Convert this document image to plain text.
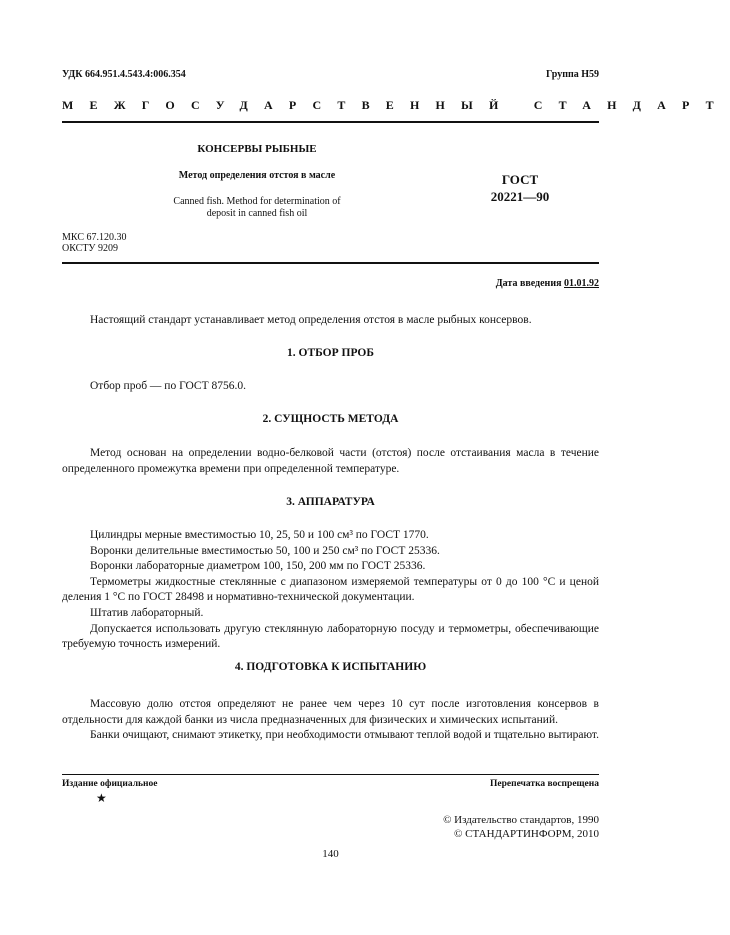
УДК 664.951.4.543.4:006.354	Группа Н59
МЕЖГОСУДАРСТВЕННЫЙ СТАНДАРТ
КОНСЕРВЫ РЫБНЫЕ
Метод определения отстоя в масле
Canned fish. Method for determination of
deposit in canned fish oil
ГОСТ
20221—90
МКС 67.120.30
ОКСТУ 9209
Дата введения 01.01.92
Настоящий стандарт устанавливает метод определения отстоя в масле рыбных консервов.
1. ОТБОР ПРОБ
Отбор проб — по ГОСТ 8756.0.
2. СУЩНОСТЬ МЕТОДА
Метод основан на определении водно-белковой части (отстоя) после отстаивания масла в течение определенного промежутка времени при определенной температуре.
3. АППАРАТУРА

Цилиндры мерные вместимостью 10, 25, 50 и 100 см³ по ГОСТ 1770.

Воронки делительные вместимостью 50, 100 и 250 см³ по ГОСТ 25336.

Воронки лабораторные диаметром 100, 150, 200 мм по ГОСТ 25336.

Термометры жидкостные стеклянные с диапазоном измеряемой температуры от 0 до 100 °С и ценой деления 1 °С по ГОСТ 28498 и нормативно-технической документации.

Штатив лабораторный.

Допускается использовать другую стеклянную лабораторную посуду и термометры, обеспечивающие требуемую точность измерений.

4. ПОДГОТОВКА К ИСПЫТАНИЮ

Массовую долю отстоя определяют не ранее чем через 10 сут после изготовления консервов в отдельности для каждой банки из числа предназначенных для физических и химических испытаний.

Банки очищают, снимают этикетку, при необходимости отмывают теплой водой и тщательно вытирают.

Издание официальное
★
Перепечатка воспрещена
© Издательство стандартов, 1990
© СТАНДАРТИНФОРМ, 2010
140
